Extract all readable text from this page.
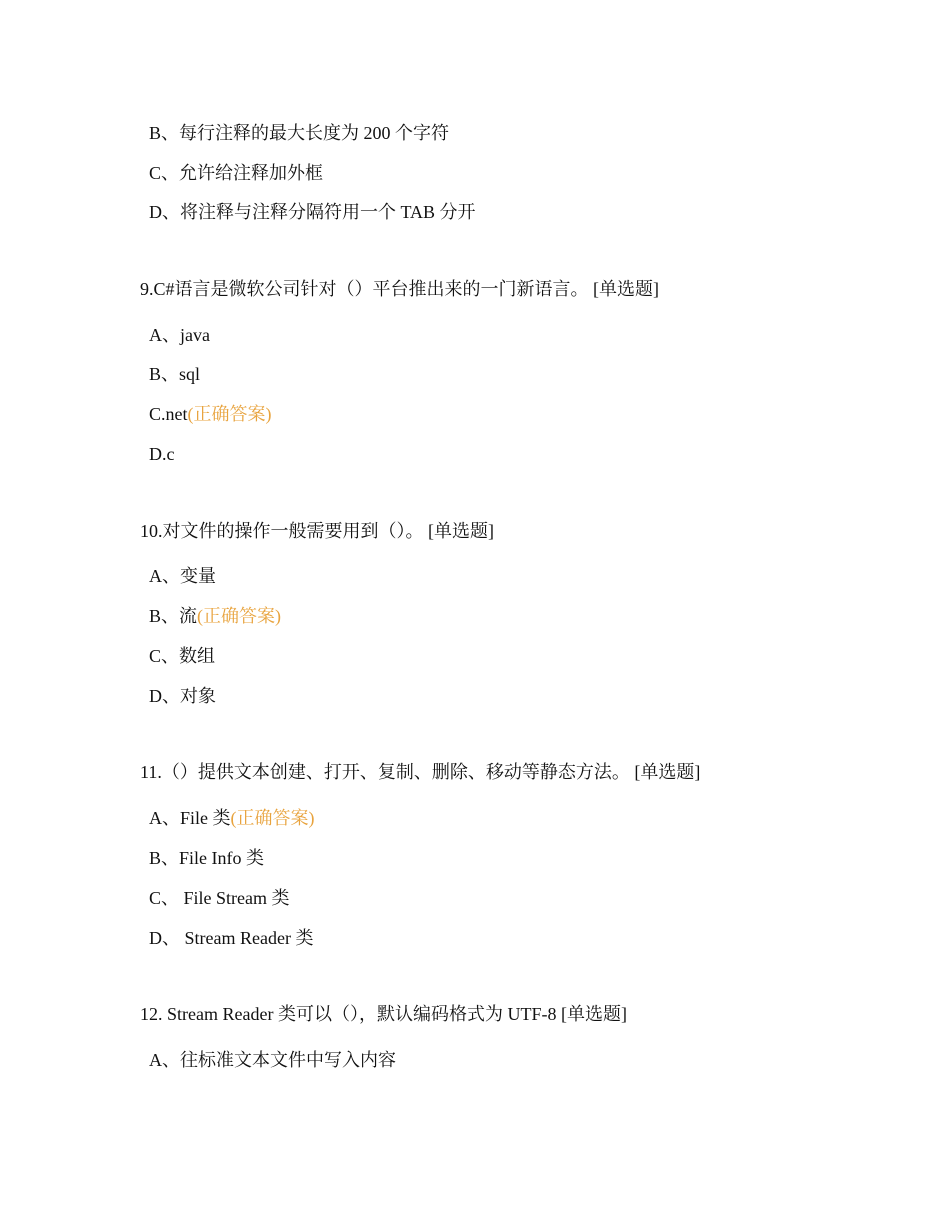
B、每行注释的最大长度为 200 个字符
C、允许给注释加外框
D、将注释与注释分隔符用一个 TAB 分开
9.C#语言是微软公司针对（）平台推出来的一门新语言。 [单选题]
A、java
B、sql
C.net(正确答案)
D.c
10.对文件的操作一般需要用到（）。 [单选题]
A、变量
B、流(正确答案)
C、数组
D、对象
11.（）提供文本创建、打开、复制、删除、移动等静态方法。 [单选题]
A、File 类(正确答案)
B、File Info 类
C、 File Stream 类
D、 Stream Reader 类
12. Stream Reader 类可以（），默认编码格式为 UTF-8 [单选题]
A、往标准文本文件中写入内容
